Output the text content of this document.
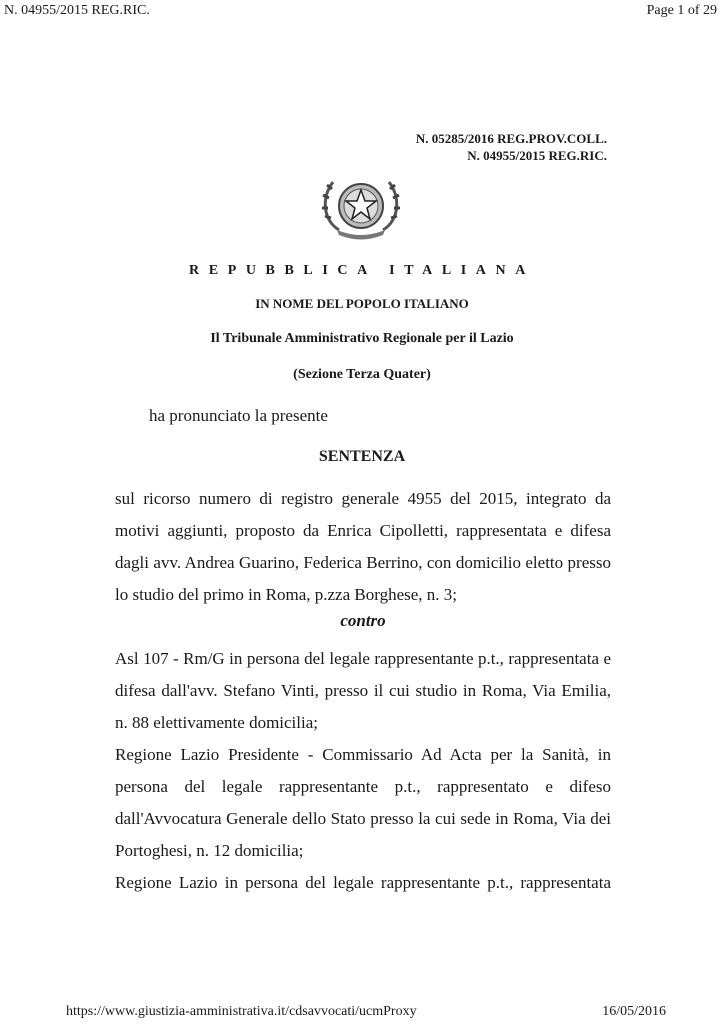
N. 04955/2015 REG.RIC.	Page 1 of 29
N. 05285/2016 REG.PROV.COLL.
N. 04955/2015 REG.RIC.
REPUBBLICA ITALIANA
IN NOME DEL POPOLO ITALIANO
Il Tribunale Amministrativo Regionale per il Lazio
(Sezione Terza Quater)
ha pronunciato la presente
SENTENZA

sul ricorso numero di registro generale 4955 del 2015, integrato da motivi aggiunti, proposto da Enrica Cipolletti, rappresentata e difesa dagli avv. Andrea Guarino, Federica Berrino, con domicilio eletto presso lo studio del primo in Roma, p.zza Borghese, n. 3;

contro

Asl 107 - Rm/G in persona del legale rappresentante p.t., rappresentata e difesa dall'avv. Stefano Vinti, presso il cui studio in Roma, Via Emilia, n. 88 elettivamente domicilia;

Regione Lazio Presidente - Commissario Ad Acta per la Sanità, in persona del legale rappresentante p.t., rappresentato e difeso dall'Avvocatura Generale dello Stato presso la cui sede in Roma, Via dei Portoghesi, n. 12 domicilia;

Regione Lazio in persona del legale rappresentante p.t., rappresentata

https://www.giustizia-amministrativa.it/cdsavvocati/ucmProxy	16/05/2016
